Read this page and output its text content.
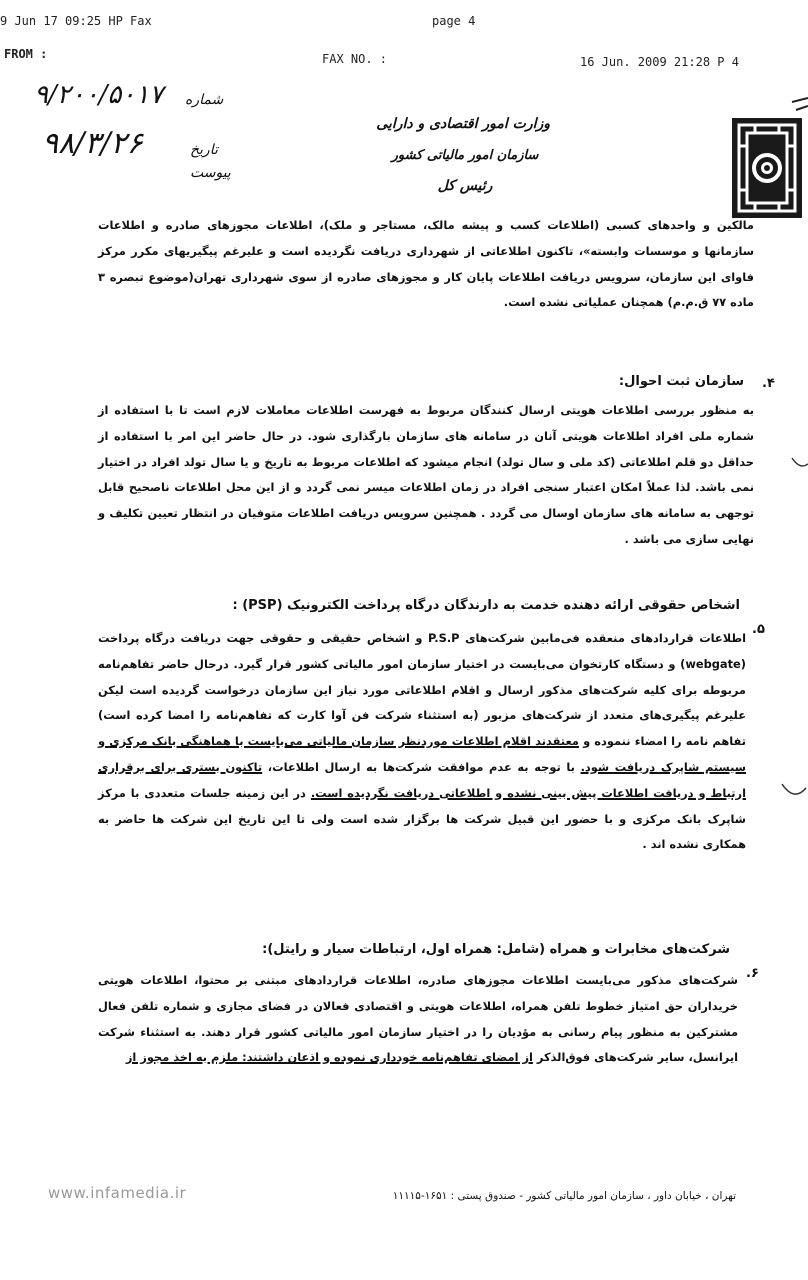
9 Jun 17 09:25 HP Fax	page 4
FROM :	FAX NO. :	16 Jun. 2009 21:28 P 4
۹/۲۰۰/۵۰۱۷ شماره
۹۸/۳/۲۶	تاریخ
پیوست
وزارت امور اقتصادی و دارایی
سازمان امور مالیاتی کشور
رئیس کل
مالکین و واحدهای کسبی (اطلاعات کسب و پیشه مالک، مستاجر و ملک)، اطلاعات مجوزهای صادره و اطلاعات سازمانها و موسسات وابسته»، تاکنون اطلاعاتی از شهرداری دریافت نگردیده است و علیرغم پیگیریهای مکرر مرکز فاوای این سازمان، سرویس دریافت اطلاعات پایان کار و مجوزهای صادره از سوی شهرداری تهران(موضوع تبصره ۳ ماده ۷۷ ق.م.م) همچنان عملیاتی نشده است.
.۴
سازمان ثبت احوال:
به منظور بررسی اطلاعات هویتی ارسال کنندگان مربوط به فهرست اطلاعات معاملات لازم است تا با استفاده از شماره ملی افراد اطلاعات هویتی آنان در سامانه های سازمان بارگذاری شود. در حال حاضر این امر با استفاده از حداقل دو قلم اطلاعاتی (کد ملی و سال تولد) انجام میشود که اطلاعات مربوط به تاریخ و یا سال تولد افراد در اختیار نمی باشد. لذا عملاً امکان اعتبار سنجی افراد در زمان اطلاعات میسر نمی گردد و از این محل اطلاعات ناصحیح قابل توجهی به سامانه های سازمان اوسال می گردد . همچنین سرویس دریافت اطلاعات متوفیان در انتظار تعیین تکلیف و نهایی سازی می باشد .
.۵
اشخاص حقوقی ارائه دهنده خدمت به دارندگان درگاه پرداخت الکترونیک (PSP) :
اطلاعات قراردادهای منعقده فی‌مابین شرکت‌های P.S.P و اشخاص حقیقی و حقوقی جهت دریافت درگاه پرداخت (webgate) و دستگاه کارتخوان می‌بایست در اختیار سازمان امور مالیاتی کشور قرار گیرد. درحال حاضر تفاهم‌نامه مربوطه برای کلیه شرکت‌های مذکور ارسال و اقلام اطلاعاتی مورد نیاز این سازمان درخواست گردیده است لیکن علیرغم پیگیری‌های متعدد از شرکت‌های مزبور (به استثناء شرکت فن آوا کارت که تفاهم‌نامه را امضا کرده است) تفاهم نامه را امضاء ننموده و معتقدند اقلام اطلاعات مورد‌نظر سازمان مالیاتی می‌بایست با هماهنگی بانک مرکزی و سیستم شاپرک دریافت شود. با توجه به عدم موافقت شرکت‌ها به ارسال اطلاعات، تاکنون بستری برای برقراری ارتباط و دریافت اطلاعات پیش بینی نشده و اطلاعاتی دریافت نگردیده است. در این زمینه جلسات متعددی با مرکز شاپرک بانک مرکزی و با حضور این قبیل شرکت ها برگزار شده است ولی تا این تاریخ این شرکت ها حاضر به همکاری نشده اند .
.۶
شرکت‌های مخابرات و همراه (شامل: همراه اول، ارتباطات سیار و رایتل):
شرکت‌های مذکور می‌بایست اطلاعات مجوزهای صادره، اطلاعات قراردادهای مبتنی بر محتوا، اطلاعات هویتی خریداران حق امتیاز خطوط تلفن همراه، اطلاعات هویتی و اقتصادی فعالان در فضای مجازی و شماره تلفن فعال مشترکین به منظور پیام رسانی به مؤدیان را در اختیار سازمان امور مالیاتی کشور قرار دهند. به استثناء شرکت ایرانسل، سایر شرکت‌های فوق‌الذکر از امضای تفاهم‌نامه خودداری نموده و اذعان داشتند: ملزم به اخذ مجوز از
www.infamedia.ir	تهران ، خیابان داور ، سازمان امور مالیاتی کشور - صندوق پستی : ۱۶۵۱-۱۱۱۱۵
